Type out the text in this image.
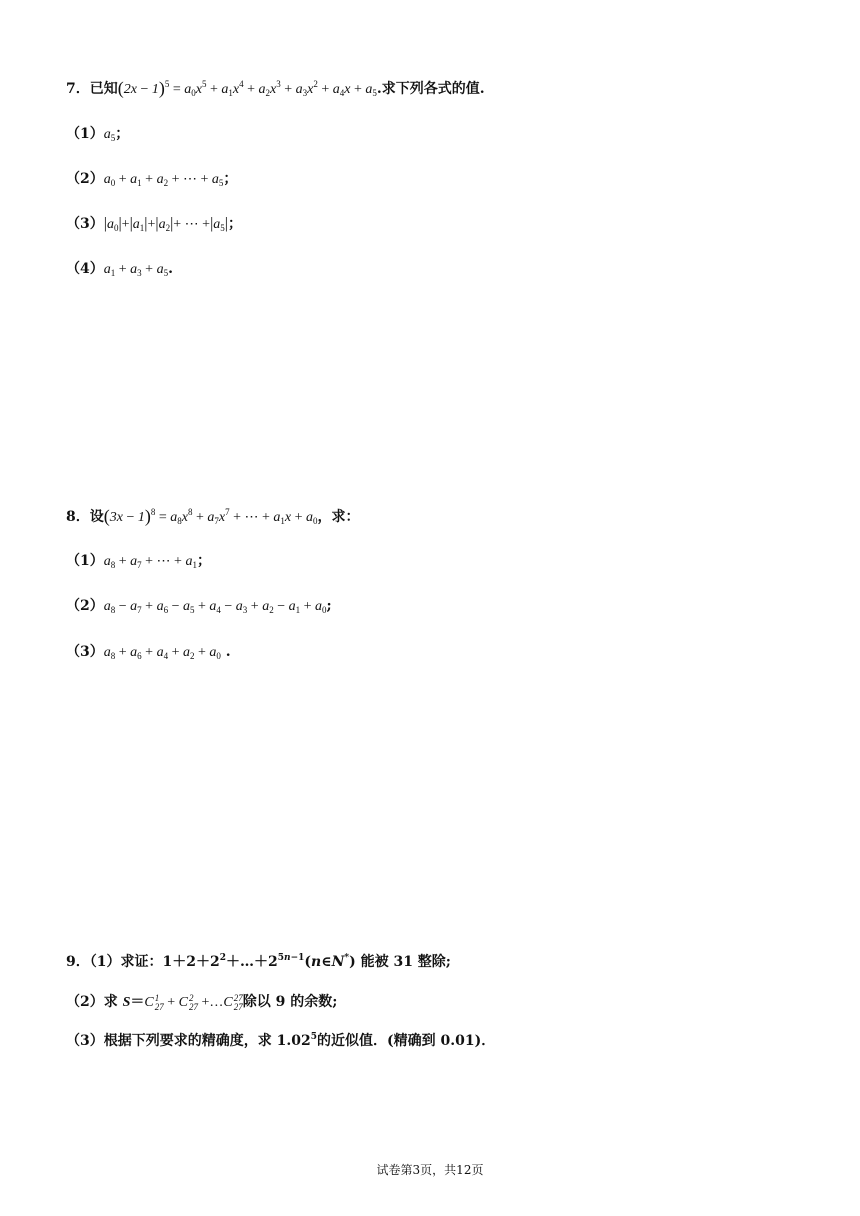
7．已知$(2x - 1)^5 = a_0x^5 + a_1x^4 + a_2x^3 + a_3x^2 + a_4x + a_5$.求下列各式的值.
$(1)a_5$；
$(2)a_0 + a_1 + a_2$ + ⋯ + $a_5$；
$(3)|a_0|+|a_1|+|a_2|+$ ⋯ $+|a_5|$；
$(4)a_1 + a_3 + a_5$.
8．设$(3x - 1)^8 = a_8x^8 + a_7x^7$ + ⋯ + $a_1x + a_0$，求：
$(1)a_8 + a_7$ + ⋯ + $a_1$；
$(2)a_8 - a_7 + a_6 - a_5 + a_4 - a_3 + a_2 - a_1 + a_0$;
$(3)a_8 + a_6 + a_4 + a_2 + a_0$ .
9．（1）求证：$1+2+2^2+\dots+2^{5n-1}(n\in N^*)$ 能被 31 整除;
（2）求 S＝C 1
27 + C 2
27 +…C 27
27 除以 9 的余数;
（3）根据下列要求的精确度，求 1.02$^5$的近似值．(精确到 0.01)．
试卷第3页，共12页
